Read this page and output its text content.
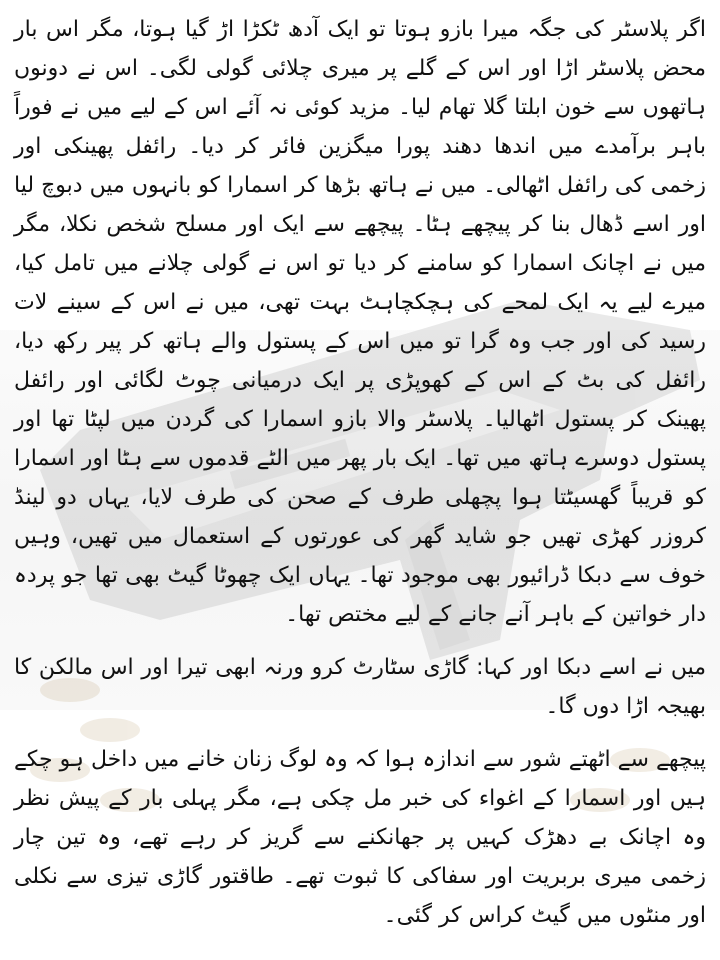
اگر پلاسٹر کی جگہ میرا بازو ہوتا تو ایک آدھ ٹکڑا اڑ گیا ہوتا، مگر اس بار محض پلاسٹر اڑا اور اس کے گلے پر میری چلائی گولی لگی۔ اس نے دونوں ہاتھوں سے خون ابلتا گلا تھام لیا۔ مزید کوئی نہ آئے اس کے لیے میں نے فوراً باہر برآمدے میں اندھا دھند پورا میگزین فائر کر دیا۔ رائفل پھینکی اور زخمی کی رائفل اٹھالی۔ میں نے ہاتھ بڑھا کر اسمارا کو بانہوں میں دبوچ لیا اور اسے ڈھال بنا کر پیچھے ہٹا۔ پیچھے سے ایک اور مسلح شخص نکلا، مگر میں نے اچانک اسمارا کو سامنے کر دیا تو اس نے گولی چلانے میں تامل کیا، میرے لیے یہ ایک لمحے کی ہچکچاہٹ بہت تھی، میں نے اس کے سینے لات رسید کی اور جب وہ گرا تو میں اس کے پستول والے ہاتھ کر پیر رکھ دیا، رائفل کی بٹ کے اس کے کھوپڑی پر ایک درمیانی چوٹ لگائی اور رائفل پھینک کر پستول اٹھالیا۔ پلاسٹر والا بازو اسمارا کی گردن میں لپٹا تھا اور پستول دوسرے ہاتھ میں تھا۔ ایک بار پھر میں الٹے قدموں سے ہٹا اور اسمارا کو قریباً گھسیٹتا ہوا پچھلی طرف کے صحن کی طرف لایا، یہاں دو لینڈ کروزر کھڑی تھیں جو شاید گھر کی عورتوں کے استعمال میں تھیں، وہیں خوف سے دبکا ڈرائیور بھی موجود تھا۔ یہاں ایک چھوٹا گیٹ بھی تھا جو پردہ دار خواتین کے باہر آنے جانے کے لیے مختص تھا۔

میں نے اسے دبکا اور کہا: گاڑی سٹارٹ کرو ورنہ ابھی تیرا اور اس مالکن کا بھیجہ اڑا دوں گا۔

پیچھے سے اٹھتے شور سے اندازہ ہوا کہ وہ لوگ زنان خانے میں داخل ہو چکے ہیں اور اسمارا کے اغواء کی خبر مل چکی ہے، مگر پہلی بار کے پیش نظر وہ اچانک بے دھڑک کہیں پر جھانکنے سے گریز کر رہے تھے، وہ تین چار زخمی میری بربریت اور سفاکی کا ثبوت تھے۔ طاقتور گاڑی تیزی سے نکلی اور منٹوں میں گیٹ کراس کر گئی۔
